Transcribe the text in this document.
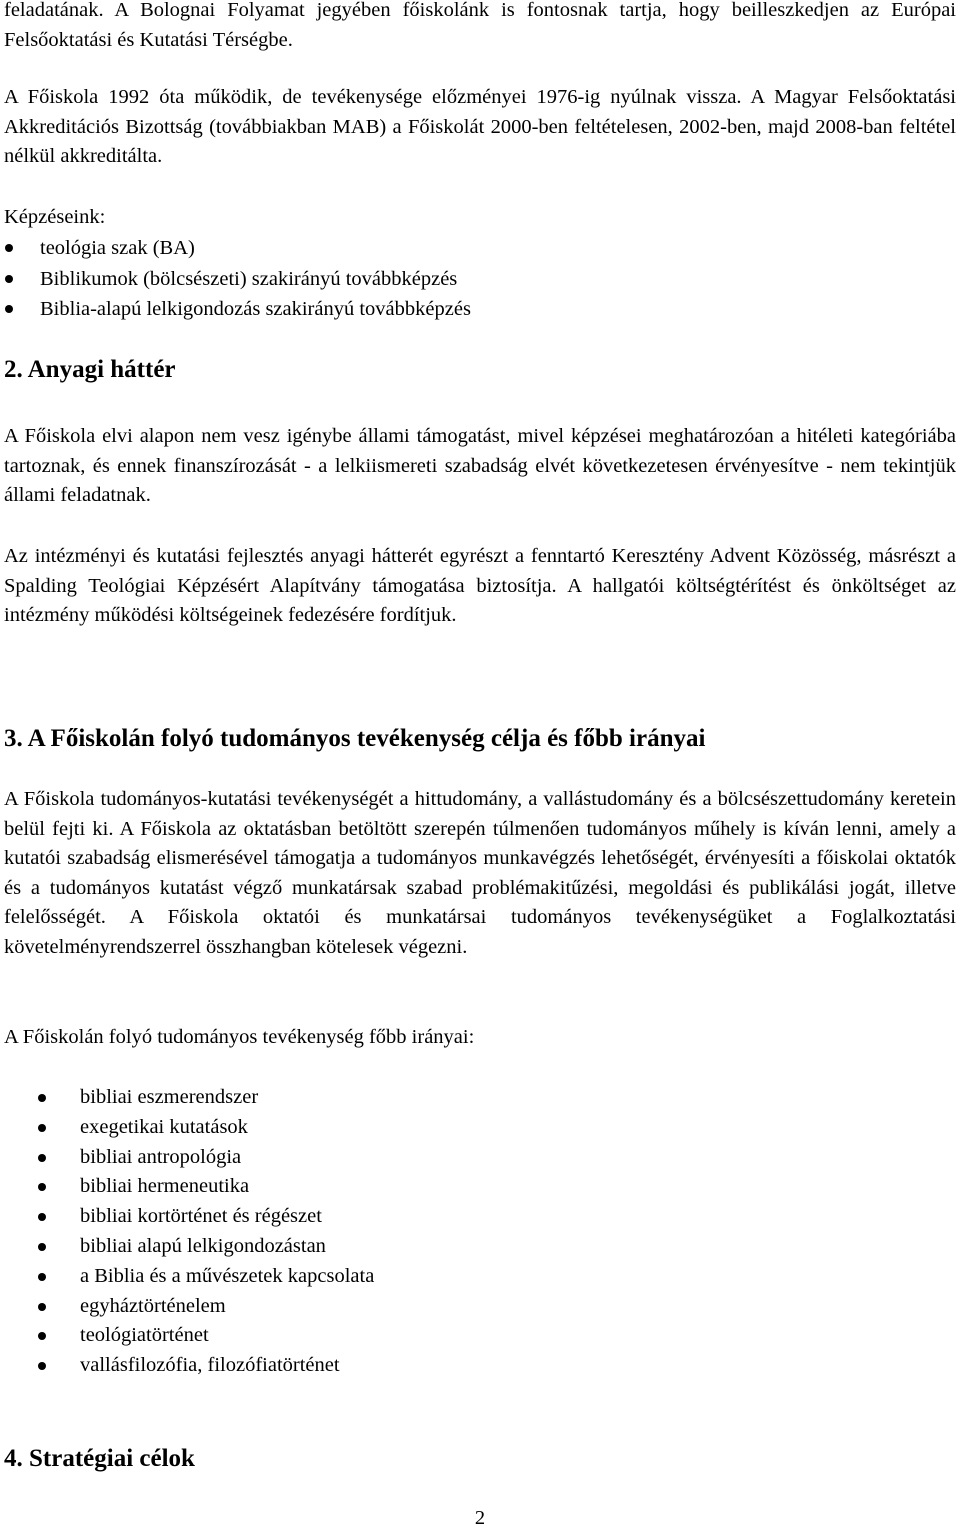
feladatának. A Bolognai Folyamat jegyében főiskolánk is fontosnak tartja, hogy beilleszkedjen az Európai Felsőoktatási és Kutatási Térségbe.

A Főiskola 1992 óta működik, de tevékenysége előzményei 1976-ig nyúlnak vissza. A Magyar Felsőoktatási Akkreditációs Bizottság (továbbiakban MAB) a Főiskolát 2000-ben feltételesen, 2002-ben, majd 2008-ban feltétel nélkül akkreditálta.

Képzéseink:

teológia szak (BA)
Biblikumok (bölcsészeti) szakirányú továbbképzés
Biblia-alapú lelkigondozás szakirányú továbbképzés
2. Anyagi háttér

A Főiskola elvi alapon nem vesz igénybe állami támogatást, mivel képzései meghatározóan a hitéleti kategóriába tartoznak, és ennek finanszírozását - a lelkiismereti szabadság elvét következetesen érvényesítve - nem tekintjük állami feladatnak.

Az intézményi és kutatási fejlesztés anyagi hátterét egyrészt a fenntartó Keresztény Advent Közösség, másrészt a Spalding Teológiai Képzésért Alapítvány támogatása biztosítja. A hallgatói költségtérítést és önköltséget az intézmény működési költségeinek fedezésére fordítjuk.

3. A Főiskolán folyó tudományos tevékenység célja és főbb irányai

A Főiskola tudományos-kutatási tevékenységét a hittudomány, a vallástudomány és a bölcsészettudomány keretein belül fejti ki. A Főiskola az oktatásban betöltött szerepén túlmenően tudományos műhely is kíván lenni, amely a kutatói szabadság elismerésével támogatja a tudományos munkavégzés lehetőségét, érvényesíti a főiskolai oktatók és a tudományos kutatást végző munkatársak szabad problémakitűzési, megoldási és publikálási jogát, illetve felelősségét. A Főiskola oktatói és munkatársai tudományos tevékenységüket a Foglalkoztatási követelményrendszerrel összhangban kötelesek végezni.

A Főiskolán folyó tudományos tevékenység főbb irányai:

bibliai eszmerendszer
exegetikai kutatások
bibliai antropológia
bibliai hermeneutika
bibliai kortörténet és régészet
bibliai alapú lelkigondozástan
a Biblia és a művészetek kapcsolata
egyháztörténelem
teológiatörténet
vallásfilozófia, filozófiatörténet
4. Stratégiai célok
2
